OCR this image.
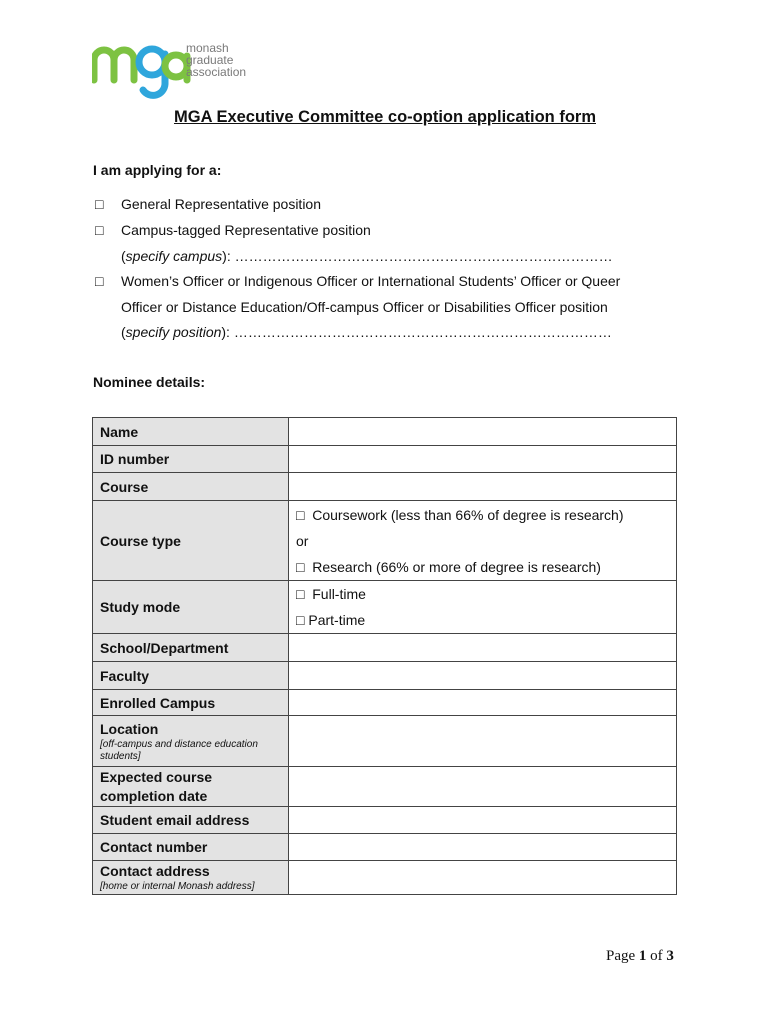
monash
graduate
association
MGA Executive Committee co-option application form
I am applying for a:
□ General Representative position
□ Campus-tagged Representative position
(specify campus): ………………………………………………………………………
□ Women’s Officer or Indigenous Officer or International Students’ Officer or Queer
Officer or Distance Education/Off-campus Officer or Disabilities Officer position
(specify position): ………………………………………………………………………
Nominee details:
Name	
ID number	
Course	
Course type	□ Coursework (less than 66% of degree is research)
or
□ Research (66% or more of degree is research)

Study mode	□ Full-time
□ Part-time

School/Department	
Faculty	
Enrolled Campus	

Location
[off-campus and distance education students]	

Expected course
completion date	

Student email address	
Contact number	

Contact address
[home or internal Monash address]	

Page 1 of 3
